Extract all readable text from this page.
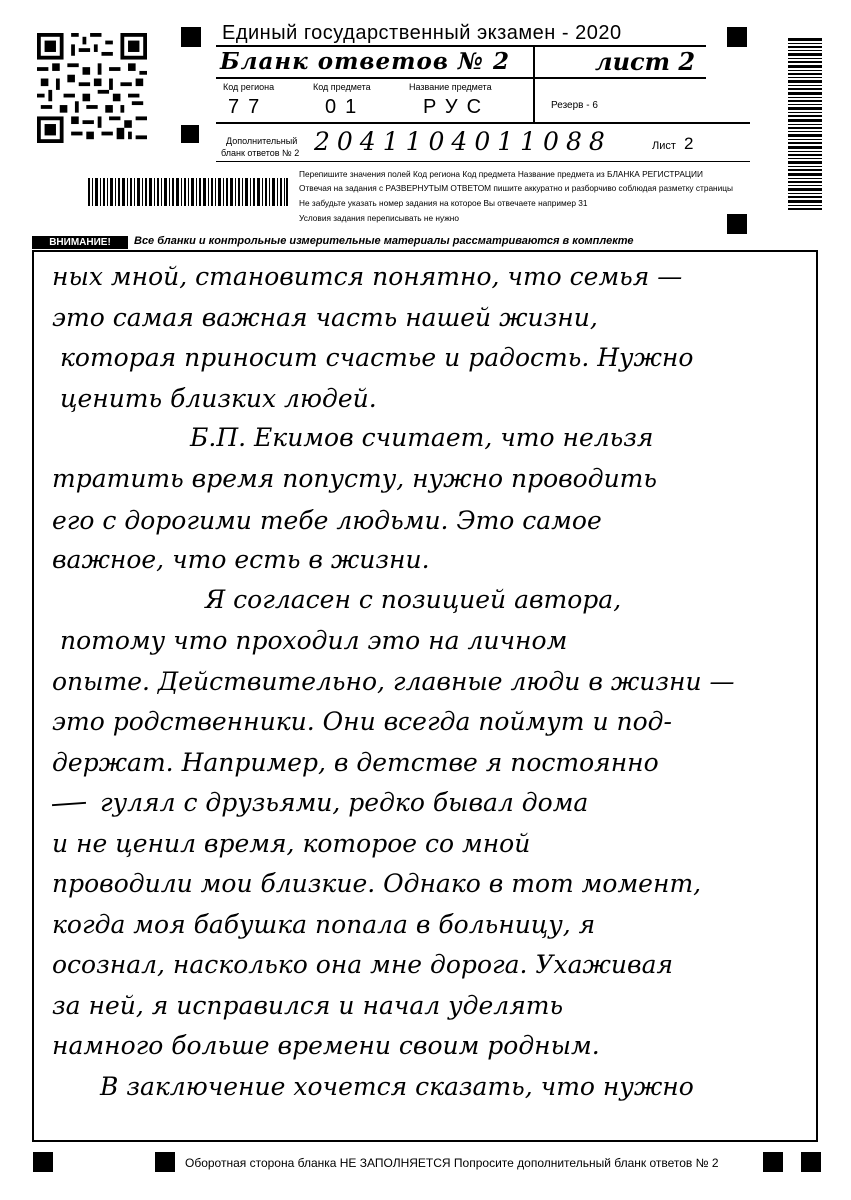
Единый государственный экзамен - 2020
Бланк ответов № 2	лист 2
Код региона	Код предмета	Название предмета
77	01	РУС	Резерв - 6
Дополнительный
бланк ответов № 2 2041104011088	Лист 2
Перепишите значения полей Код региона Код предмета Название предмета из БЛАНКА РЕГИСТРАЦИИ
Отвечая на задания с РАЗВЕРНУТЫМ ОТВЕТОМ пишите аккуратно и разборчиво соблюдая разметку страницы
Не забудьте указать номер задания на которое Вы отвечаете например 31
Условия задания переписывать не нужно
ВНИМАНИЕ!	Все бланки и контрольные измерительные материалы рассматриваются в комплекте
ных мной, становится понятно, что семья —
это самая важная часть нашей жизни,
которая приносит счастье и радость. Нужно
ценить близких людей.
Б.П. Екимов считает, что нельзя
тратить время попусту, нужно проводить
его с дорогими тебе людьми. Это самое
важное, что есть в жизни.
Я согласен с позицией автора,
потому что проходил это на личном
опыте. Действительно, главные люди в жизни —
это родственники. Они всегда поймут и под-
держат. Например, в детстве я постоянно
гулял с друзьями, редко бывал дома
и не ценил время, которое со мной
проводили мои близкие. Однако в тот момент,
когда моя бабушка попала в больницу, я
осознал, насколько она мне дорога. Ухаживая
за ней, я исправился и начал уделять
намного больше времени своим родным.
В заключение хочется сказать, что нужно
Оборотная сторона бланка НЕ ЗАПОЛНЯЕТСЯ Попросите дополнительный бланк ответов № 2
